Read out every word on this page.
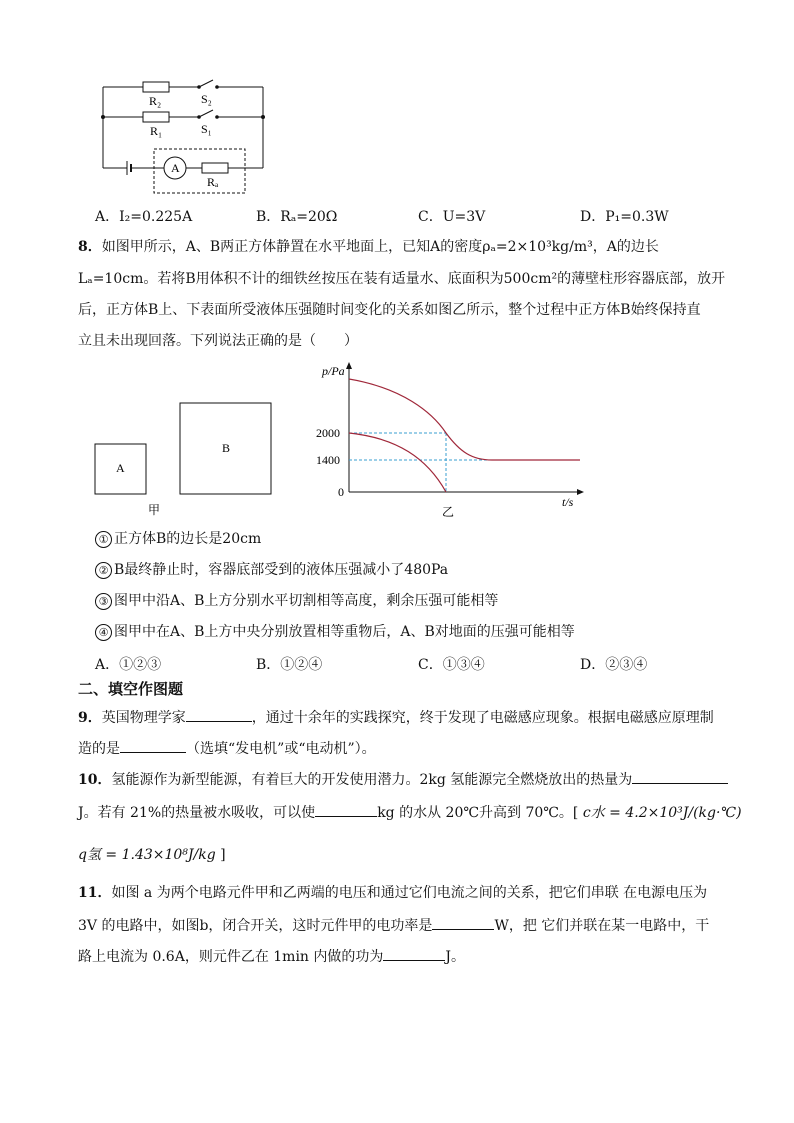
R₂	S₂
R₁	S₁
A
Rₐ
A．I₂=0.225A	B．Rₐ=20Ω	C．U=3V	D．P₁=0.3W
8．如图甲所示，A、B两正方体静置在水平地面上，已知A的密度ρₐ=2×10³kg/m³，A的边长
Lₐ=10cm。若将B用体积不计的细铁丝按压在装有适量水、底面积为500cm²的薄壁柱形容器底部，放开
后，正方体B上、下表面所受液体压强随时间变化的关系如图乙所示，整个过程中正方体B始终保持直
立且未出现回落。下列说法正确的是（　　）
A
B
甲
p/Pa
2000
1400
0
t/s
乙
① 正方体B的边长是20cm
② B最终静止时，容器底部受到的液体压强减小了480Pa
③ 图甲中沿A、B上方分别水平切割相等高度，剩余压强可能相等
④ 图甲中在A、B上方中央分别放置相等重物后，A、B对地面的压强可能相等
A．①②③	B．①②④	C．①③④	D．②③④
二、填空作图题
9．英国物理学家	，通过十余年的实践探究，终于发现了电磁感应现象。根据电磁感应原理制
造的是	（选填“发电机”或“电动机”）。
10．氢能源作为新型能源，有着巨大的开发使用潜力。2kg 氢能源完全燃烧放出的热量为
J。若有 21%的热量被水吸收，可以使	kg 的水从 20℃升高到 70℃。[ c水 = 4.2×10³J/(kg·℃)
q氢 = 1.43×10⁸J/kg ]
11．如图 a 为两个电路元件甲和乙两端的电压和通过它们电流之间的关系，把它们串联 在电源电压为
3V 的电路中，如图b，闭合开关，这时元件甲的电功率是	W，把 它们并联在某一电路中，干
路上电流为 0.6A，则元件乙在 1min 内做的功为	J。
